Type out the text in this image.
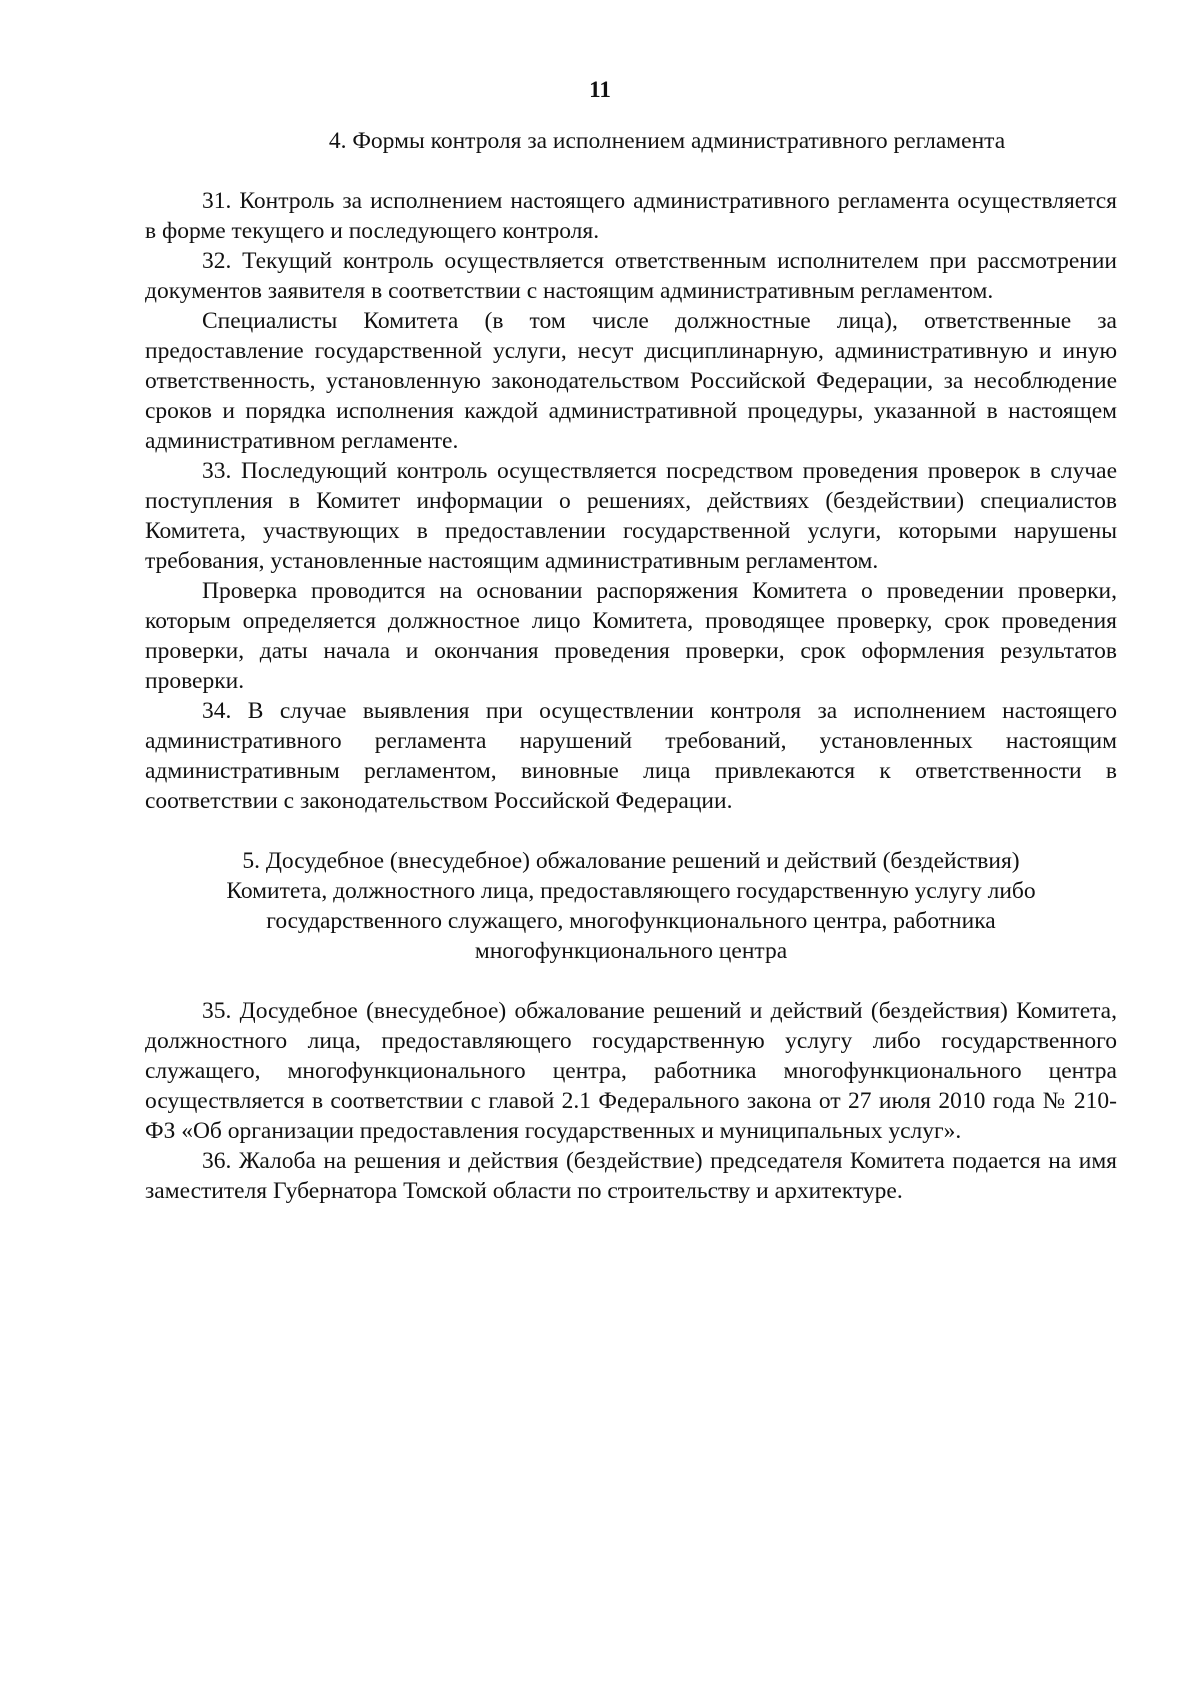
11

4. Формы контроля за исполнением административного регламента

31. Контроль за исполнением настоящего административного регламента осуществляется в форме текущего и последующего контроля.

32. Текущий контроль осуществляется ответственным исполнителем при рассмотрении документов заявителя в соответствии с настоящим административным регламентом.

Специалисты Комитета (в том числе должностные лица), ответственные за предоставление государственной услуги, несут дисциплинарную, административную и иную ответственность, установленную законодательством Российской Федерации, за несоблюдение сроков и порядка исполнения каждой административной процедуры, указанной в настоящем административном регламенте.

33. Последующий контроль осуществляется посредством проведения проверок в случае поступления в Комитет информации о решениях, действиях (бездействии) специалистов Комитета, участвующих в предоставлении государственной услуги, которыми нарушены требования, установленные настоящим административным регламентом.

Проверка проводится на основании распоряжения Комитета о проведении проверки, которым определяется должностное лицо Комитета, проводящее проверку, срок проведения проверки, даты начала и окончания проведения проверки, срок оформления результатов проверки.

34. В случае выявления при осуществлении контроля за исполнением настоящего административного регламента нарушений требований, установленных настоящим административным регламентом, виновные лица привлекаются к ответственности в соответствии с законодательством Российской Федерации.

5. Досудебное (внесудебное) обжалование решений и действий (бездействия)
Комитета, должностного лица, предоставляющего государственную услугу либо
государственного служащего, многофункционального центра, работника
многофункционального центра

35. Досудебное (внесудебное) обжалование решений и действий (бездействия) Комитета, должностного лица, предоставляющего государственную услугу либо государственного служащего, многофункционального центра, работника многофункционального центра осуществляется в соответствии с главой 2.1 Федерального закона от 27 июля 2010 года № 210-ФЗ «Об организации предоставления государственных и муниципальных услуг».

36. Жалоба на решения и действия (бездействие) председателя Комитета подается на имя заместителя Губернатора Томской области по строительству и архитектуре.
